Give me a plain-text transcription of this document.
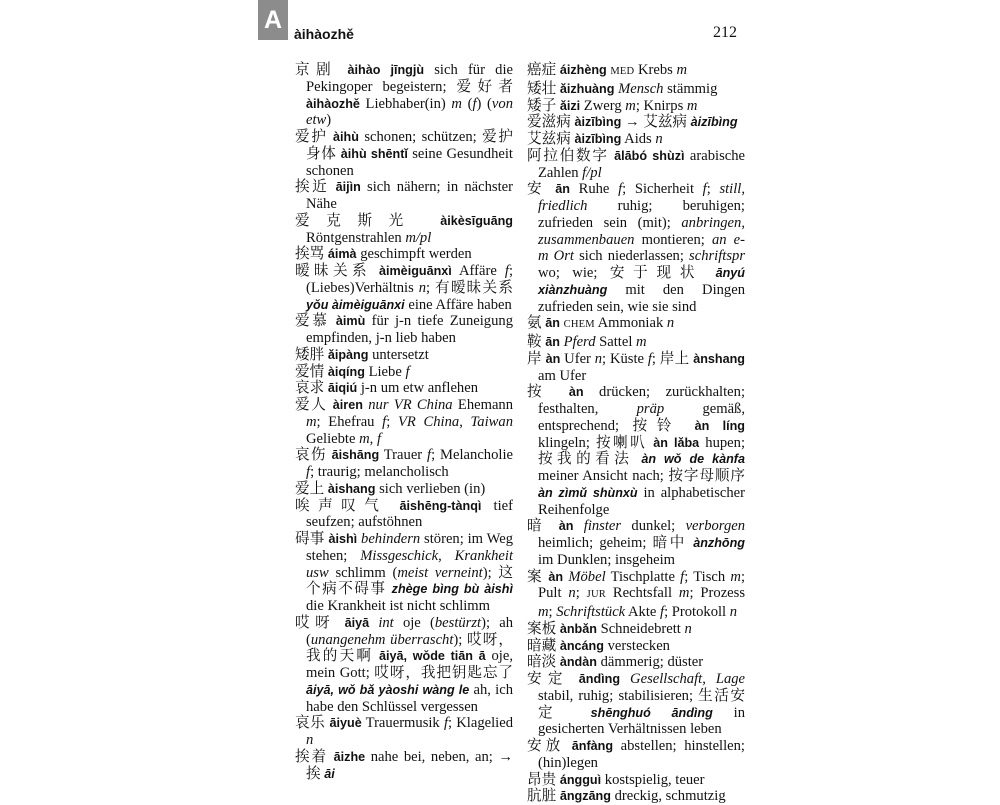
A àihàozhě	212

京剧 àihào jīngjù sich für die Pekingoper begeistern; 爱好者 àihàozhě Liebhaber(in) m (f) (von etw)

爱护 àihù schonen; schützen; 爱护身体 àihù shēntǐ seine Gesundheit schonen

挨近 āijìn sich nähern; in nächster Nähe

爱克斯光 àikèsīguāng Röntgenstrahlen m/pl

挨骂 áimà geschimpft werden

暧昧关系 àimèiguānxì Affäre f; (Liebes)Verhältnis n; 有暧昧关系 yǒu àimèiguānxi eine Affäre haben

爱慕 àimù für j-n tiefe Zuneigung empfinden, j-n lieb haben

矮胖 ǎipàng untersetzt

爱情 àiqíng Liebe f

哀求 āiqiú j-n um etw anflehen

爱人 àiren nur VR China Ehemann m; Ehefrau f; VR China, Taiwan Geliebte m, f

哀伤 āishāng Trauer f; Melancholie f; traurig; melancholisch

爱上 àishang sich verlieben (in)

唉声叹气 āishēng-tànqì tief seufzen; aufstöhnen

碍事 àishì behindern stören; im Weg stehen; Missgeschick, Krankheit usw schlimm (meist verneint); 这个病不碍事 zhège bìng bù àishì die Krankheit ist nicht schlimm

哎呀 āiyā int oje (bestürzt); ah (unangenehm überrascht); 哎呀，我的天啊 āiyā, wǒde tiān ā oje, mein Gott; 哎呀，我把钥匙忘了 āiyā, wǒ bǎ yàoshi wàng le ah, ich habe den Schlüssel vergessen

哀乐 āiyuè Trauermusik f; Klagelied n

挨着 āizhe nahe bei, neben, an; → 挨 āi

癌症 áizhèng MED Krebs m

矮壮 ǎizhuàng Mensch stämmig

矮子 ǎizi Zwerg m; Knirps m

爱滋病 àizībìng → 艾兹病 àizībìng

艾兹病 àizībìng Aids n

阿拉伯数字 ālābó shùzì arabische Zahlen f/pl

安 ān Ruhe f; Sicherheit f; still, friedlich ruhig; beruhigen; zufrieden sein (mit); anbringen, zusammenbauen montieren; an e-m Ort sich niederlassen; schriftspr wo; wie; 安于现状 ānyú xiànzhuàng mit den Dingen zufrieden sein, wie sie sind

氨 ān CHEM Ammoniak n

鞍 ān Pferd Sattel m

岸 àn Ufer n; Küste f; 岸上 ànshang am Ufer

按 àn drücken; zurückhalten; festhalten, präp gemäß, entsprechend; 按铃 àn líng klingeln; 按喇叭 àn lǎba hupen; 按我的看法 àn wǒ de kànfa meiner Ansicht nach; 按字母顺序 àn zìmǔ shùnxù in alphabetischer Reihenfolge

暗 àn finster dunkel; verborgen heimlich; geheim; 暗中 ànzhōng im Dunklen; insgeheim

案 àn Möbel Tischplatte f; Tisch m; Pult n; JUR Rechtsfall m; Prozess m; Schriftstück Akte f; Protokoll n

案板 ànbǎn Schneidebrett n

暗藏 àncáng verstecken

暗淡 àndàn dämmerig; düster

安定 āndìng Gesellschaft, Lage stabil, ruhig; stabilisieren; 生活安定 shēnghuó āndìng in gesicherten Verhältnissen leben

安放 ānfàng abstellen; hinstellen; (hin)legen

昂贵 ángguì kostspielig, teuer

肮脏 āngzāng dreckig, schmutzig
